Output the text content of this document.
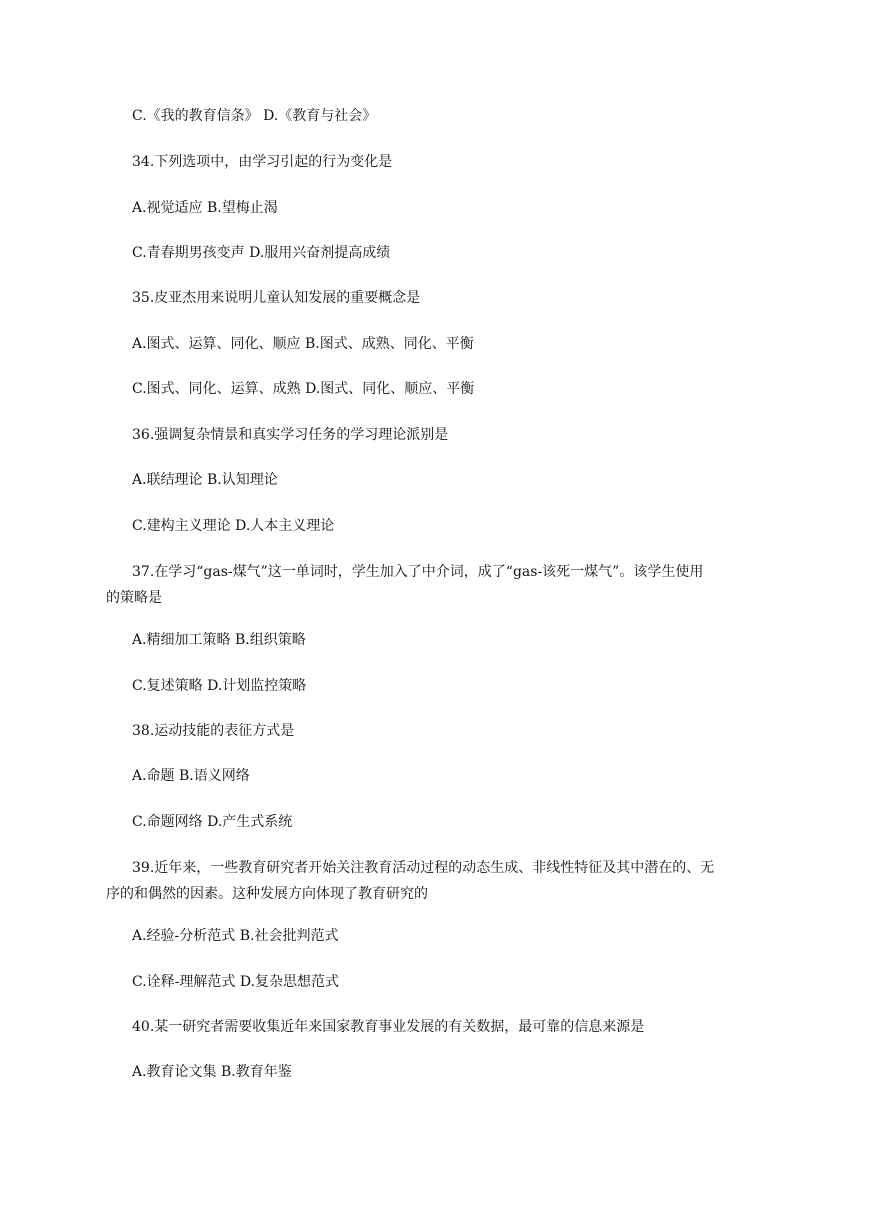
C.《我的教育信条》 D.《教育与社会》
34.下列选项中，由学习引起的行为变化是
A.视觉适应 B.望梅止渴
C.青春期男孩变声 D.服用兴奋剂提高成绩
35.皮亚杰用来说明儿童认知发展的重要概念是
A.图式、运算、同化、顺应 B.图式、成熟、同化、平衡
C.图式、同化、运算、成熟 D.图式、同化、顺应、平衡
36.强调复杂情景和真实学习任务的学习理论派别是
A.联结理论 B.认知理论
C.建构主义理论 D.人本主义理论
37.在学习“gas-煤气”这一单词时，学生加入了中介词，成了“gas-该死一煤气”。该学生使用的策略是
A.精细加工策略 B.组织策略
C.复述策略 D.计划监控策略
38.运动技能的表征方式是
A.命题 B.语义网络
C.命题网络 D.产生式系统
39.近年来，一些教育研究者开始关注教育活动过程的动态生成、非线性特征及其中潜在的、无序的和偶然的因素。这种发展方向体现了教育研究的
A.经验-分析范式 B.社会批判范式
C.诠释-理解范式 D.复杂思想范式
40.某一研究者需要收集近年来国家教育事业发展的有关数据，最可靠的信息来源是
A.教育论文集 B.教育年鉴
